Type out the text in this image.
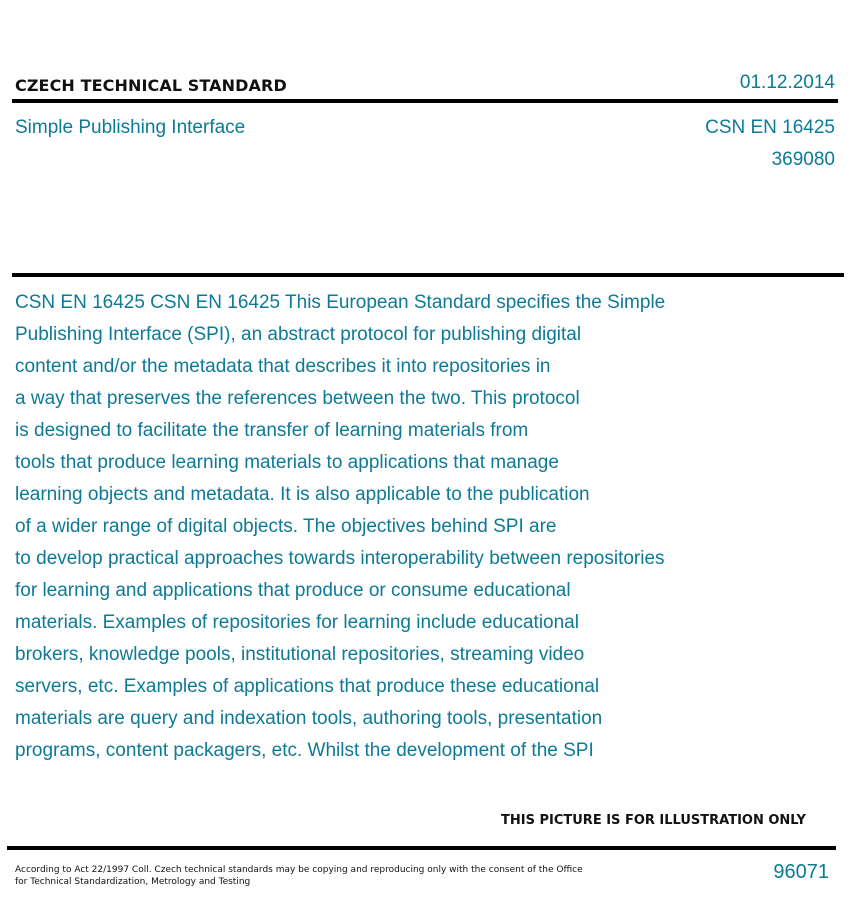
CZECH TECHNICAL STANDARD	01.12.2014
Simple Publishing Interface	CSN EN 16425
369080

CSN EN 16425 CSN EN 16425 This European Standard specifies the Simple
Publishing Interface (SPI), an abstract protocol for publishing digital
content and/or the metadata that describes it into repositories in
a way that preserves the references between the two. This protocol
is designed to facilitate the transfer of learning materials from
tools that produce learning materials to applications that manage
learning objects and metadata. It is also applicable to the publication
of a wider range of digital objects. The objectives behind SPI are
to develop practical approaches towards interoperability between repositories
for learning and applications that produce or consume educational
materials. Examples of repositories for learning include educational
brokers, knowledge pools, institutional repositories, streaming video
servers, etc. Examples of applications that produce these educational
materials are query and indexation tools, authoring tools, presentation
programs, content packagers, etc. Whilst the development of the SPI

THIS PICTURE IS FOR ILLUSTRATION ONLY
According to Act 22/1997 Coll. Czech technical standards may be copying and reproducing only with the consent of the Office
for Technical Standardization, Metrology and Testing	96071
